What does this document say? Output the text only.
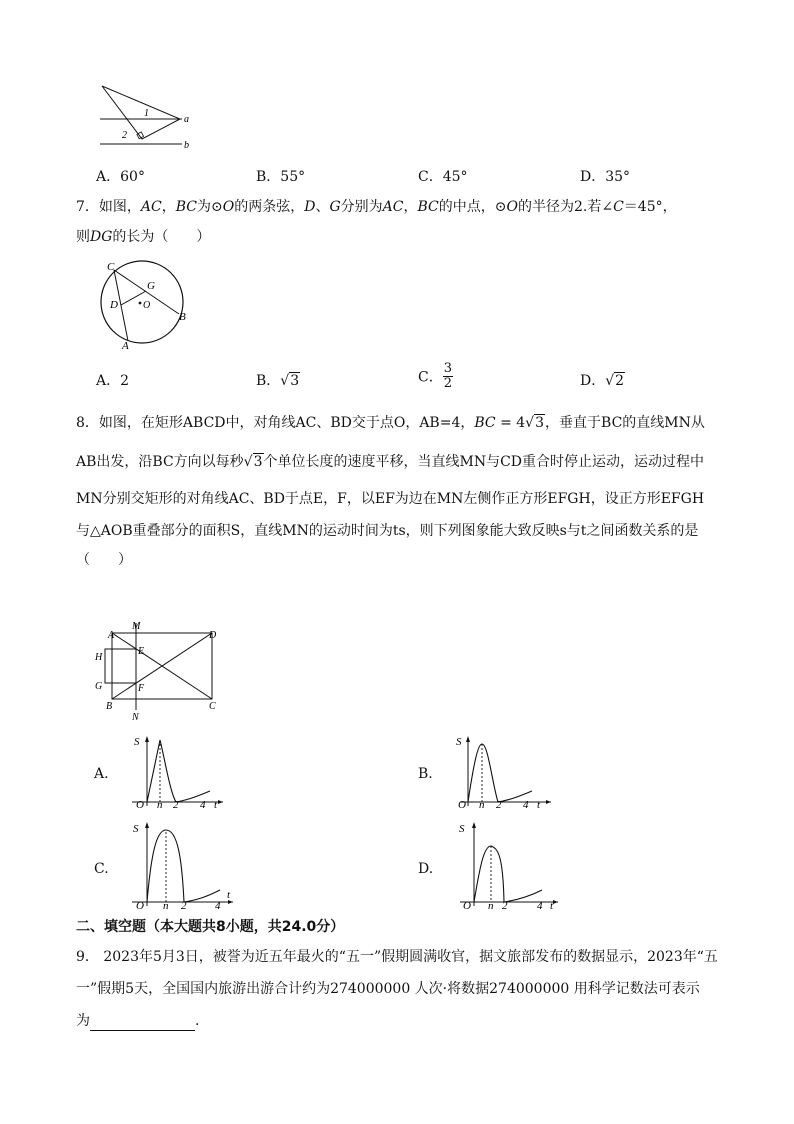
1
2
a
b
A．60°	B．55°	C．45°	D．35°
7．如图，AC，BC为⊙O的两条弦，D、G分别为AC，BC的中点，⊙O的半径为2.若∠C＝45°，
则DG的长为（　　）
C
G
D	O
B
A
A．2	B．√3	C． $\frac{3}{2}$	D．√2
8．如图，在矩形ABCD中，对角线AC、BD交于点O，AB=4，BC = 4√3，垂直于BC的直线MN从
AB出发，沿BC方向以每秒√3个单位长度的速度平移，当直线MN与CD重合时停止运动，运动过程中
MN分别交矩形的对角线AC、BD于点E，F，以EF为边在MN左侧作正方形EFGH，设正方形EFGH
与△AOB重叠部分的面积S，直线MN的运动时间为ts，则下列图象能大致反映s与t之间函数关系的是
（　　）
M
A	D
H
E
G	F
B
N
C
A.	B.
C.	D.
S
O n 2 4 t
S
O n 2 4 t
S
O n 2	4
t
S
O n 2	4 t
二、填空题（本大题共8小题，共24.0分）
9． 2023年5月3日，被誉为近五年最火的“五一”假期圆满收官，据文旅部发布的数据显示，2023年“五
一”假期5天，全国国内旅游出游合计约为274000000 人次·将数据274000000 用科学记数法可表示
为	.
